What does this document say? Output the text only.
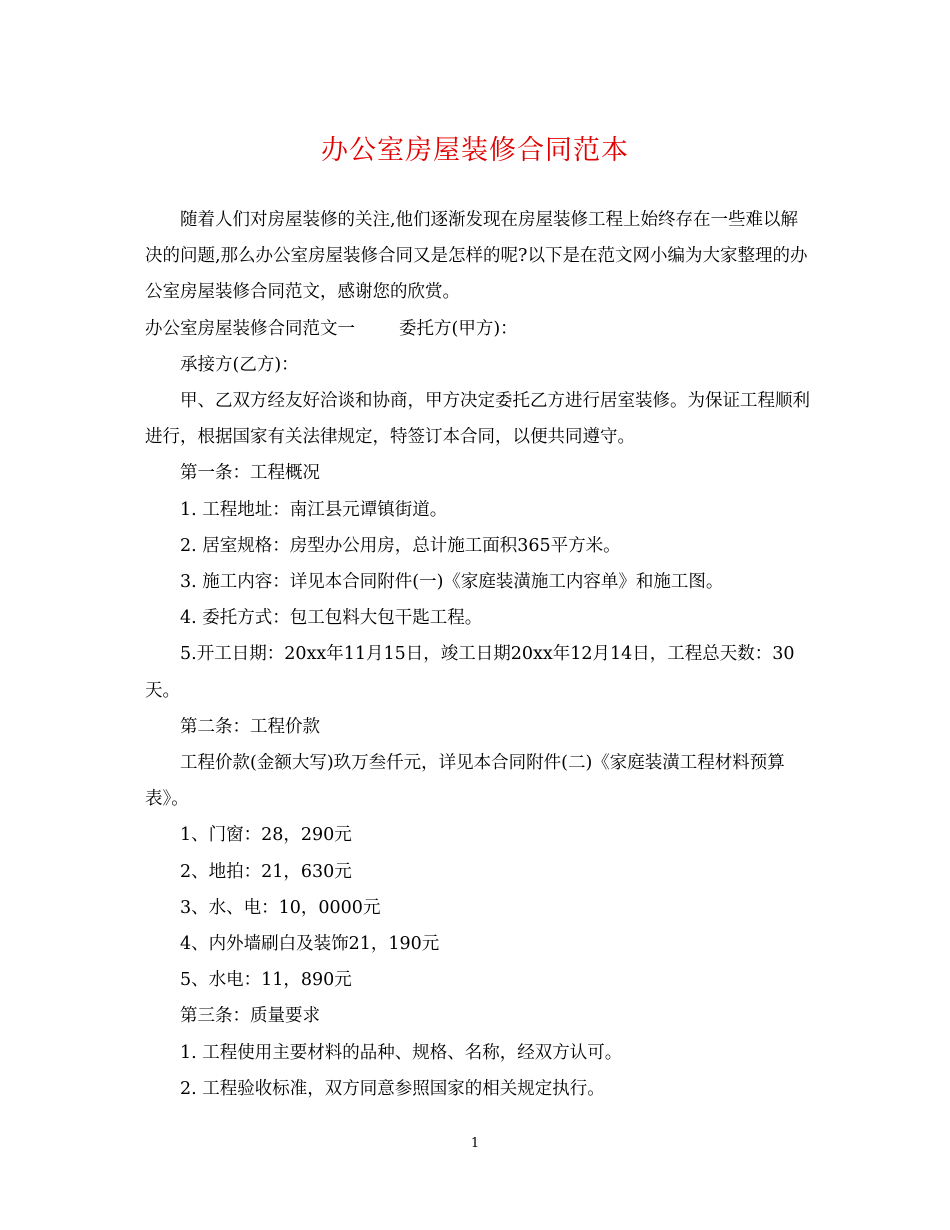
办公室房屋装修合同范本

随着人们对房屋装修的关注,他们逐渐发现在房屋装修工程上始终存在一些难以解决的问题,那么办公室房屋装修合同又是怎样的呢?以下是在范文网小编为大家整理的办公室房屋装修合同范文，感谢您的欣赏。

办公室房屋装修合同范文一	委托方(甲方)：

承接方(乙方)：

甲、乙双方经友好洽谈和协商，甲方决定委托乙方进行居室装修。为保证工程顺利进行，根据国家有关法律规定，特签订本合同，以便共同遵守。

第一条：工程概况

1. 工程地址：南江县元谭镇街道。

2. 居室规格：房型办公用房，总计施工面积365平方米。

3. 施工内容：详见本合同附件(一)《家庭装潢施工内容单》和施工图。

4. 委托方式：包工包料大包干匙工程。

5.开工日期：20xx年11月15日，竣工日期20xx年12月14日，工程总天数：30天。

第二条：工程价款

工程价款(金额大写)玖万叁仟元，详见本合同附件(二)《家庭装潢工程材料预算表》。

1、门窗：28，290元

2、地拍：21，630元

3、水、电：10，0000元

4、内外墙刷白及装饰21，190元

5、水电：11，890元

第三条：质量要求

1. 工程使用主要材料的品种、规格、名称，经双方认可。

2. 工程验收标准，双方同意参照国家的相关规定执行。

1
